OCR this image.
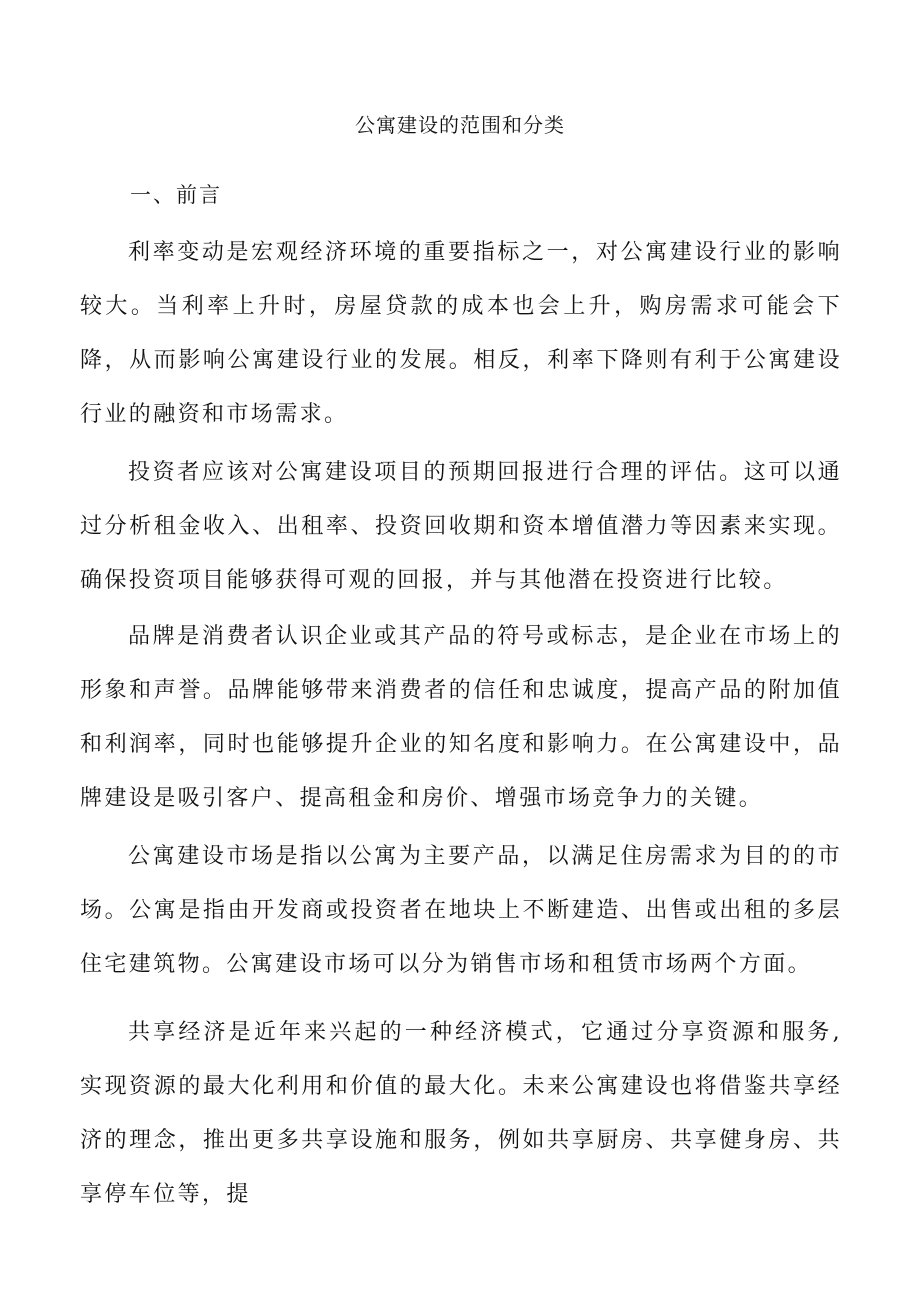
公寓建设的范围和分类
一、前言

利率变动是宏观经济环境的重要指标之一，对公寓建设行业的影响较大。当利率上升时，房屋贷款的成本也会上升，购房需求可能会下降，从而影响公寓建设行业的发展。相反，利率下降则有利于公寓建设行业的融资和市场需求。

投资者应该对公寓建设项目的预期回报进行合理的评估。这可以通过分析租金收入、出租率、投资回收期和资本增值潜力等因素来实现。确保投资项目能够获得可观的回报，并与其他潜在投资进行比较。

品牌是消费者认识企业或其产品的符号或标志，是企业在市场上的形象和声誉。品牌能够带来消费者的信任和忠诚度，提高产品的附加值和利润率，同时也能够提升企业的知名度和影响力。在公寓建设中，品牌建设是吸引客户、提高租金和房价、增强市场竞争力的关键。

公寓建设市场是指以公寓为主要产品，以满足住房需求为目的的市场。公寓是指由开发商或投资者在地块上不断建造、出售或出租的多层住宅建筑物。公寓建设市场可以分为销售市场和租赁市场两个方面。

共享经济是近年来兴起的一种经济模式，它通过分享资源和服务,实现资源的最大化利用和价值的最大化。未来公寓建设也将借鉴共享经济的理念，推出更多共享设施和服务，例如共享厨房、共享健身房、共享停车位等，提
